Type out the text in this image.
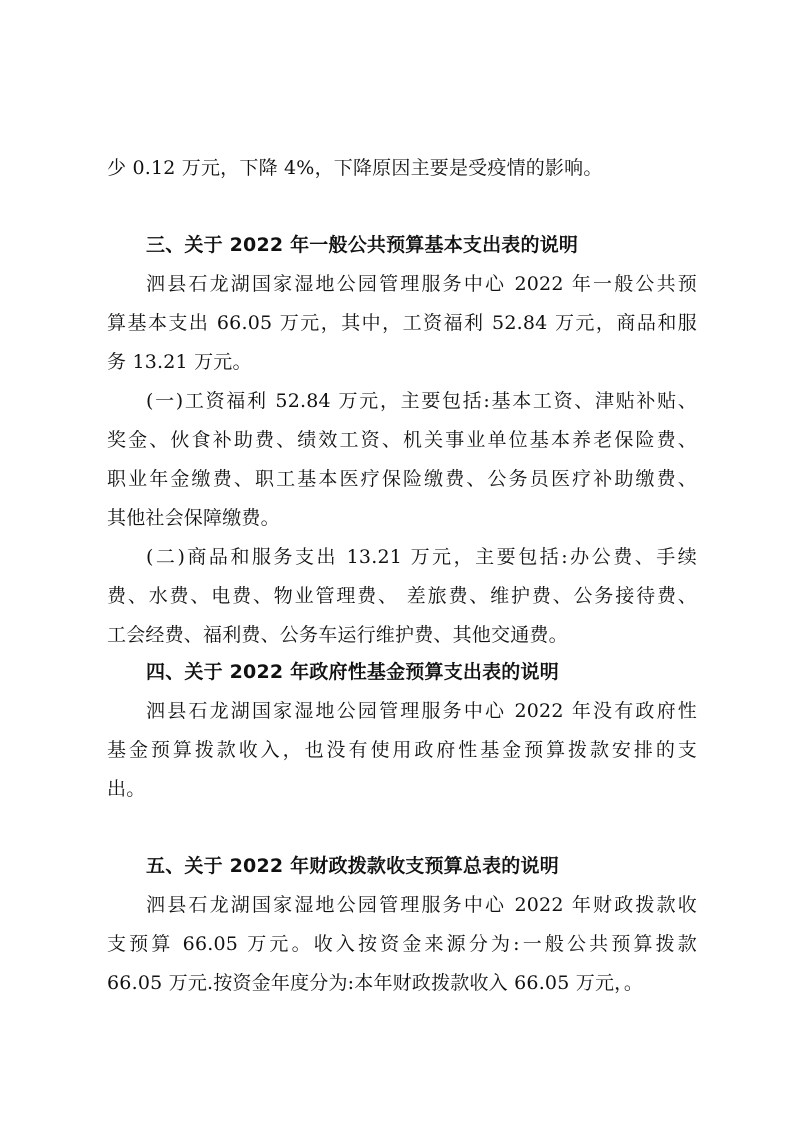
少 0.12 万元，下降 4%，下降原因主要是受疫情的影响。
三、关于 2022 年一般公共预算基本支出表的说明
泗县石龙湖国家湿地公园管理服务中心 2022 年一般公共预
算基本支出 66.05 万元，其中，工资福利 52.84 万元，商品和服
务 13.21 万元。
(一)工资福利 52.84 万元，主要包括:基本工资、津贴补贴、
奖金、伙食补助费、绩效工资、机关事业单位基本养老保险费、
职业年金缴费、职工基本医疗保险缴费、公务员医疗补助缴费、
其他社会保障缴费。
(二)商品和服务支出 13.21 万元，主要包括:办公费、手续
费、水费、电费、物业管理费、 差旅费、维护费、公务接待费、
工会经费、福利费、公务车运行维护费、其他交通费。
四、关于 2022 年政府性基金预算支出表的说明
泗县石龙湖国家湿地公园管理服务中心 2022 年没有政府性
基金预算拨款收入，也没有使用政府性基金预算拨款安排的支
出。
五、关于 2022 年财政拨款收支预算总表的说明
泗县石龙湖国家湿地公园管理服务中心 2022 年财政拨款收
支预算 66.05 万元。收入按资金来源分为:一般公共预算拨款
66.05 万元.按资金年度分为:本年财政拨款收入 66.05 万元，。
